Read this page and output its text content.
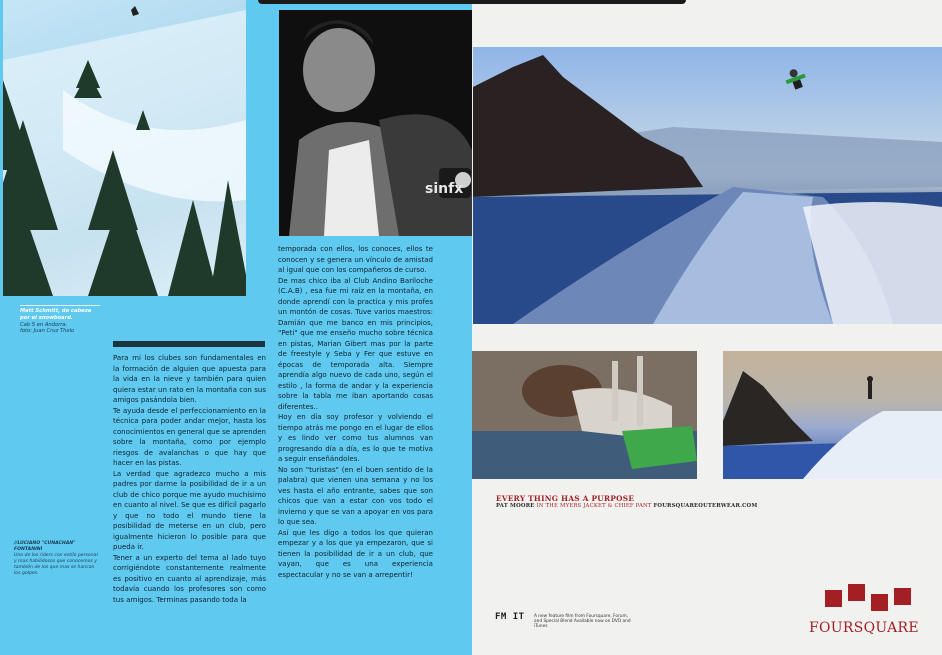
sinfx
Matt Schmitt, de cabeza por el snowboard.
Cab 5 en Andorra.
foto: Juan Cruz Thelo
//LUCIANO "CUNACHAN" FONTANINI
Uno de los riders con estilo personal y mas habilidosos que conocemos y también de los que mas se hancan los golpes.

Para mi los clubes son fundamentales en la formación de alguien que apuesta para la vida en la nieve y también para quien quiera estar un rato en la montaña con sus amigos pasándola bien.

Te ayuda desde el perfeccionamiento en la técnica para poder andar mejor, hasta los conocimientos en general que se aprenden sobre la montaña, como por ejemplo riesgos de avalanchas o que hay que hacer en las pistas.

La verdad que agradezco mucho a mis padres por darme la posibilidad de ir a un club de chico porque me ayudo muchísimo en cuanto al nivel. Se que es difícil pagarlo y que no todo el mundo tiene la posibilidad de meterse en un club, pero igualmente hicieron lo posible para que pueda ir.

Tener a un experto del tema al lado tuyo corrigiéndote constantemente realmente es positivo en cuanto al aprendizaje, más todavía cuando los profesores son como tus amigos. Terminas pasando toda la

temporada con ellos, los conoces, ellos te conocen y se genera un vínculo de amistad al igual que con los compañeros de curso.

De mas chico iba al Club Andino Bariloche (C.A.B) , esa fue mi raíz en la montaña, en donde aprendí con la practica y mis profes un montón de cosas. Tuve varios maestros: Damián que me banco en mis principios, "Peti" que me enseño mucho sobre técnica en pistas, Marian Gibert mas por la parte de freestyle y Seba y Fer que estuve en épocas de temporada alta. Siempre aprendía algo nuevo de cada uno, según el estilo , la forma de andar y la experiencia sobre la tabla me iban aportando cosas diferentes..

Hoy en día soy profesor y volviendo el tiempo atrás me pongo en el lugar de ellos y es lindo ver como tus alumnos van progresando día a día, es lo que te motiva a seguir enseñándoles.

No son "turistas" (en el buen sentido de la palabra) que vienen una semana y no los ves hasta el año entrante, sabes que son chicos que van a estar con vos todo el invierno y que se van a apoyar en vos para lo que sea.

Así que les digo a todos los que quieran empezar y a los que ya empezaron, que si tienen la posibilidad de ir a un club, que vayan, que es una experiencia espectacular y no se van a arrepentir!

EVERY THING HAS A PURPOSE
PAT MOORE IN THE MYERS JACKET & CHIEF PANT FOURSQUAREOUTERWEAR.COM
FM IT	A new feature film from Foursquare, Forum, and Special Blend Available now on DVD and iTunes	FOURSQUARE
